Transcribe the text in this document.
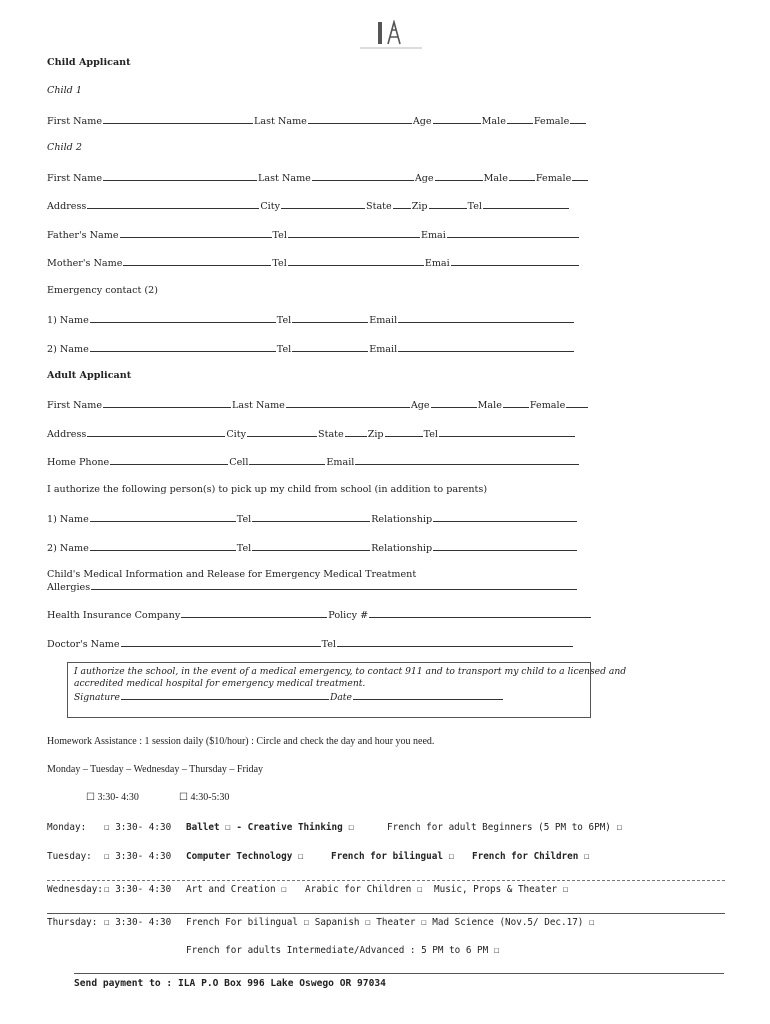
Child Applicant
Child 1
First Name	Last Name	Age	Male	Female
Child 2
First Name	Last Name	Age	Male	Female
Address	City	State Zip	Tel
Father's Name	Tel	Emai
Mother's Name	Tel	Emai
Emergency contact (2)
1) Name	Tel	Email
2) Name	Tel	Email
Adult Applicant
First Name	Last Name	Age	Male	Female
Address	City	State	Zip	Tel
Home Phone	Cell	Email
I authorize the following person(s) to pick up my child from school (in addition to parents)
1) Name	Tel	Relationship
2) Name	Tel	Relationship
Child's Medical Information and Release for Emergency Medical Treatment
Allergies
Health Insurance Company	Policy #
Doctor's Name	Tel
I authorize the school, in the event of a medical emergency, to contact 911 and to transport my child to a licensed and
accredited medical hospital for emergency medical treatment.
Signature	Date
Homework Assistance : 1 session daily ($10/hour) : Circle and check the day and hour you need.
Monday – Tuesday – Wednesday – Thursday – Friday
☐ 3:30- 4:30	☐ 4:30-5:30
Monday: ☐ 3:30- 4:30 Ballet ☐ - Creative Thinking ☐	French for adult Beginners (5 PM to 6PM) ☐
Tuesday: ☐ 3:30- 4:30 Computer Technology ☐	French for bilingual ☐ French for Children ☐
Wednesday: ☐ 3:30- 4:30 Art and Creation ☐ Arabic for Children ☐ Music, Props & Theater ☐
Thursday: ☐ 3:30- 4:30 French For bilingual ☐ Sapanish ☐ Theater ☐ Mad Science (Nov.5/ Dec.17) ☐
French for adults Intermediate/Advanced : 5 PM to 6 PM ☐
Send payment to : ILA P.O Box 996 Lake Oswego OR 97034
